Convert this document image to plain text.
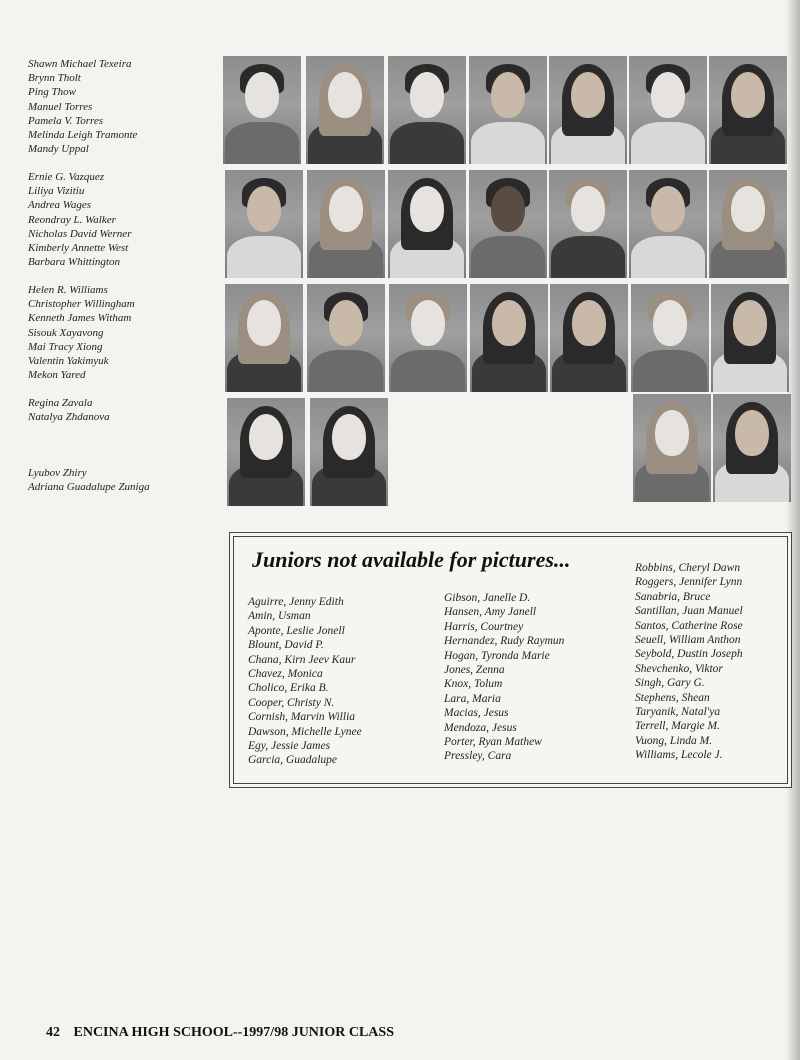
Shawn Michael Texeira
Brynn Tholt
Ping Thow
Manuel Torres
Pamela V. Torres
Melinda Leigh Tramonte
Mandy Uppal
Ernie G. Vazquez
Liliya Vizitiu
Andrea Wages
Reondray L. Walker
Nicholas David Werner
Kimberly Annette West
Barbara Whittington
Helen R. Williams
Christopher Willingham
Kenneth James Witham
Sisouk Xayavong
Mai Tracy Xiong
Valentin Yakimyuk
Mekon Yared
Regina Zavala
Natalya Zhdanova
Lyubov Zhiry
Adriana Guadalupe Zuniga
Juniors not available for pictures...
Aguirre, Jenny Edith
Amin, Usman
Aponte, Leslie Jonell
Blount, David P.
Chana, Kirn Jeev Kaur
Chavez, Monica
Cholico, Erika B.
Cooper, Christy N.
Cornish, Marvin Willia
Dawson, Michelle Lynee
Egy, Jessie James
Garcia, Guadalupe
Gibson, Janelle D.
Hansen, Amy Janell
Harris, Courtney
Hernandez, Rudy Raymun
Hogan, Tyronda Marie
Jones, Zenna
Knox, Tolum
Lara, Maria
Macias, Jesus
Mendoza, Jesus
Porter, Ryan Mathew
Pressley, Cara
Robbins, Cheryl Dawn
Roggers, Jennifer Lynn
Sanabria, Bruce
Santillan, Juan Manuel
Santos, Catherine Rose
Seuell, William Anthon
Seybold, Dustin Joseph
Shevchenko, Viktor
Singh, Gary G.
Stephens, Shean
Taryanik, Natal'ya
Terrell, Margie M.
Vuong, Linda M.
Williams, Lecole J.
42 ENCINA HIGH SCHOOL--1997/98 JUNIOR CLASS
